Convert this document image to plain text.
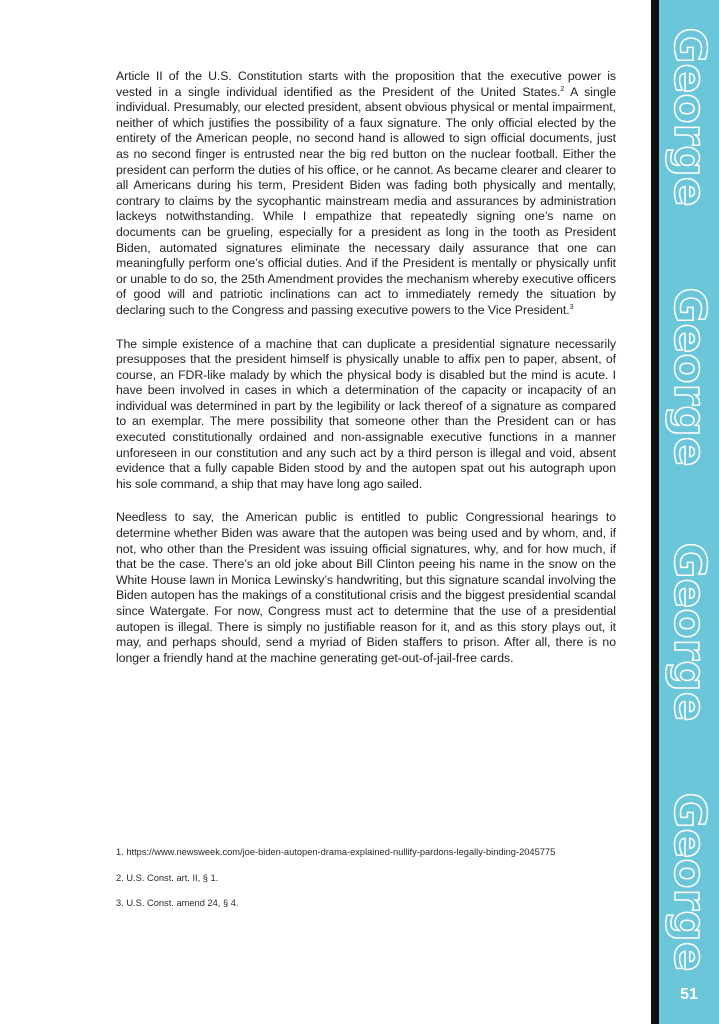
Article II of the U.S. Constitution starts with the proposition that the executive power is vested in a single individual identified as the President of the United States.$^2$ A single individual. Presumably, our elected president, absent obvious physical or mental impairment, neither of which justifies the possibility of a faux signature. The only official elected by the entirety of the American people, no second hand is allowed to sign official documents, just as no second finger is entrusted near the big red button on the nuclear football. Either the president can perform the duties of his office, or he cannot. As became clearer and clearer to all Americans during his term, President Biden was fading both physically and mentally, contrary to claims by the sycophantic mainstream media and assurances by administration lackeys notwithstanding. While I empathize that repeatedly signing one’s name on documents can be grueling, especially for a president as long in the tooth as President Biden, automated signatures eliminate the necessary daily assurance that one can meaningfully perform one’s official duties. And if the President is mentally or physically unfit or unable to do so, the 25th Amendment provides the mechanism whereby executive officers of good will and patriotic inclinations can act to immediately remedy the situation by declaring such to the Congress and passing executive powers to the Vice President.$^3$

The simple existence of a machine that can duplicate a presidential signature necessarily presupposes that the president himself is physically unable to affix pen to paper, absent, of course, an FDR-like malady by which the physical body is disabled but the mind is acute. I have been involved in cases in which a determination of the capacity or incapacity of an individual was determined in part by the legibility or lack thereof of a signature as compared to an exemplar. The mere possibility that someone other than the President can or has executed constitutionally ordained and non-assignable executive functions in a manner unforeseen in our constitution and any such act by a third person is illegal and void, absent evidence that a fully capable Biden stood by and the autopen spat out his autograph upon his sole command, a ship that may have long ago sailed.

Needless to say, the American public is entitled to public Congressional hearings to determine whether Biden was aware that the autopen was being used and by whom, and, if not, who other than the President was issuing official signatures, why, and for how much, if that be the case. There’s an old joke about Bill Clinton peeing his name in the snow on the White House lawn in Monica Lewinsky’s handwriting, but this signature scandal involving the Biden autopen has the makings of a constitutional crisis and the biggest presidential scandal since Watergate. For now, Congress must act to determine that the use of a presidential autopen is illegal. There is simply no justifiable reason for it, and as this story plays out, it may, and perhaps should, send a myriad of Biden staffers to prison. After all, there is no longer a friendly hand at the machine generating get-out-of-jail-free cards.

1. https://www.newsweek.com/joe-biden-autopen-drama-explained-nullify-pardons-legally-binding-2045775

2. U.S. Const. art. II, § 1.

3. U.S. Const. amend 24, § 4.

George
George
George
George
51
